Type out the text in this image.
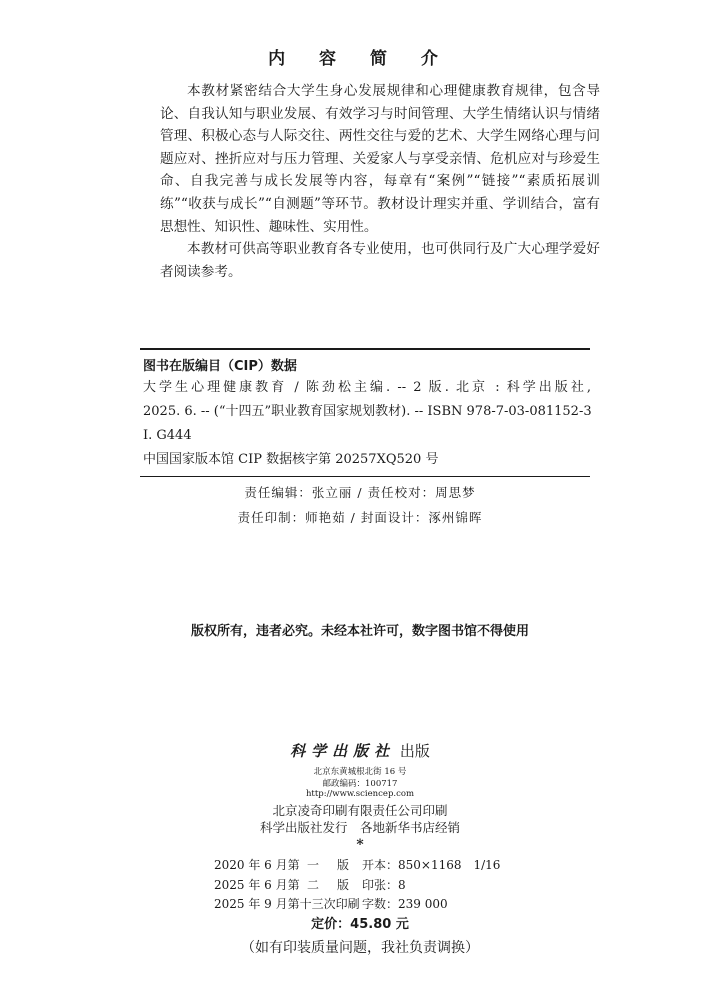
内 容 简 介

本教材紧密结合大学生身心发展规律和心理健康教育规律，包含导论、自我认知与职业发展、有效学习与时间管理、大学生情绪认识与情绪管理、积极心态与人际交往、两性交往与爱的艺术、大学生网络心理与问题应对、挫折应对与压力管理、关爱家人与享受亲情、危机应对与珍爱生命、自我完善与成长发展等内容，每章有“案例”“链接”“素质拓展训练”“收获与成长”“自测题”等环节。教材设计理实并重、学训结合，富有思想性、知识性、趣味性、实用性。

本教材可供高等职业教育各专业使用，也可供同行及广大心理学爱好者阅读参考。

图书在版编目（CIP）数据
大学生心理健康教育 / 陈劲松主编. -- 2 版. 北京 : 科学出版社,
2025. 6. -- (“十四五”职业教育国家规划教材). -- ISBN 978-7-03-081152-3
Ⅰ. G444
中国国家版本馆 CIP 数据核字第 20257XQ520 号
责任编辑：张立丽 / 责任校对：周思梦
责任印制：师艳茹 / 封面设计：涿州锦晖
版权所有，违者必究。未经本社许可，数字图书馆不得使用
科学出版社 出版
北京东黄城根北街 16 号
邮政编码：100717
http://www.sciencep.com
北京凌奇印刷有限责任公司印刷
科学出版社发行　各地新华书店经销
*
2020 年 6 月第 一 版 开本：850×1168　1/16
2025 年 6 月第 二 版 印张：8
2025 年 9 月第十三次印刷 字数：239 000
定价：45.80 元
（如有印装质量问题，我社负责调换）
